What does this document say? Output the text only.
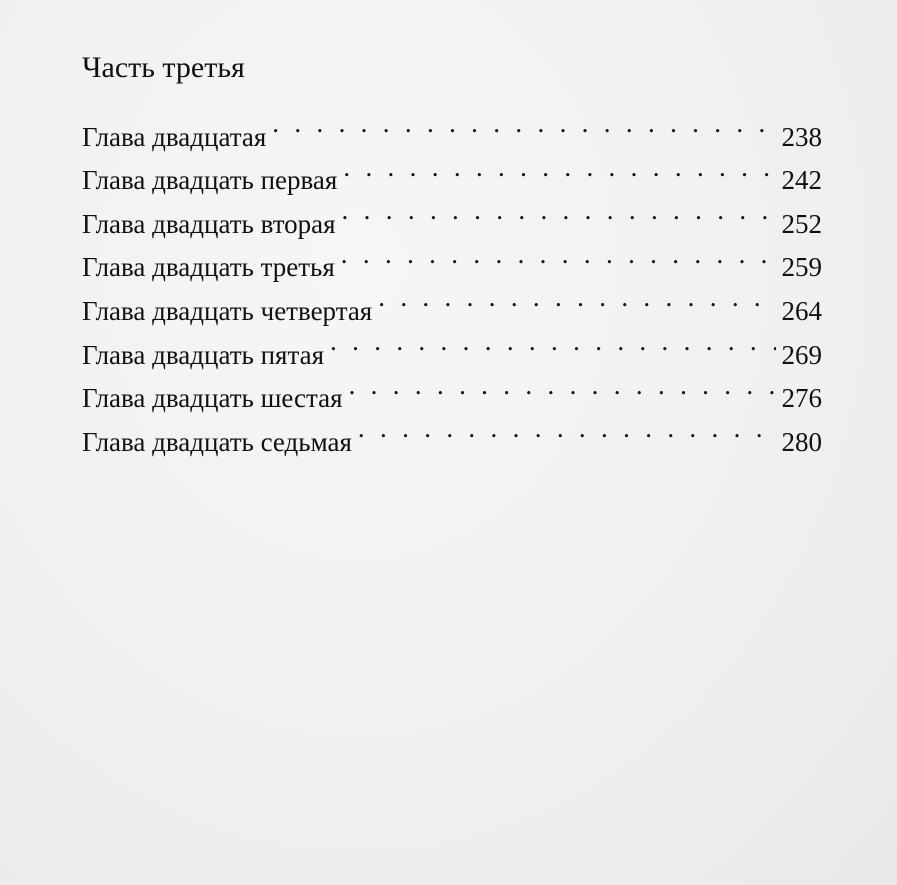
Часть третья
Глава двадцатая . . .	238
Глава двадцать первая . . .	242
Глава двадцать вторая . . .	252
Глава двадцать третья . . .	259
Глава двадцать четвертая . . .	264
Глава двадцать пятая . . .	269
Глава двадцать шестая . . .	276
Глава двадцать седьмая . . .	280
